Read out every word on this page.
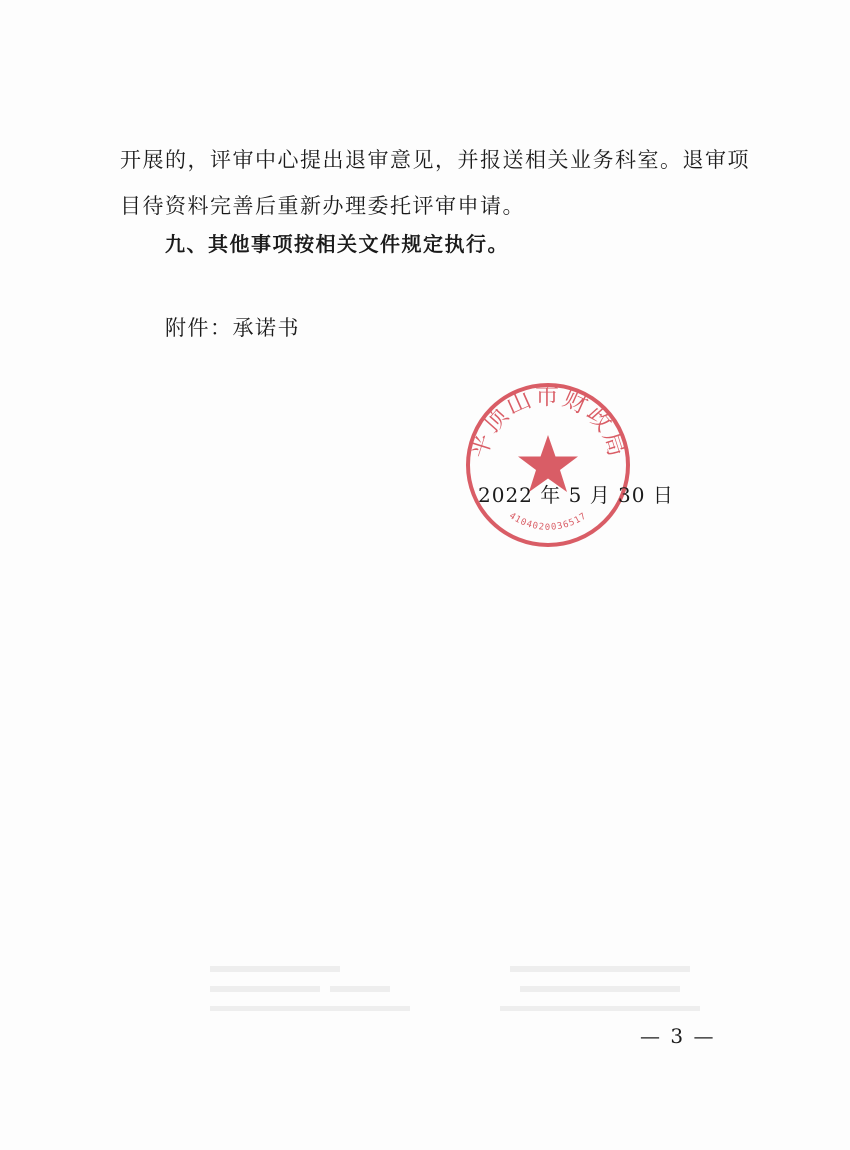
开展的，评审中心提出退审意见，并报送相关业务科室。退审项目待资料完善后重新办理委托评审申请。

九、其他事项按相关文件规定执行。

附件：承诺书

平顶山市财政局
4104020036517
2022 年 5 月 30 日
— 3 —
